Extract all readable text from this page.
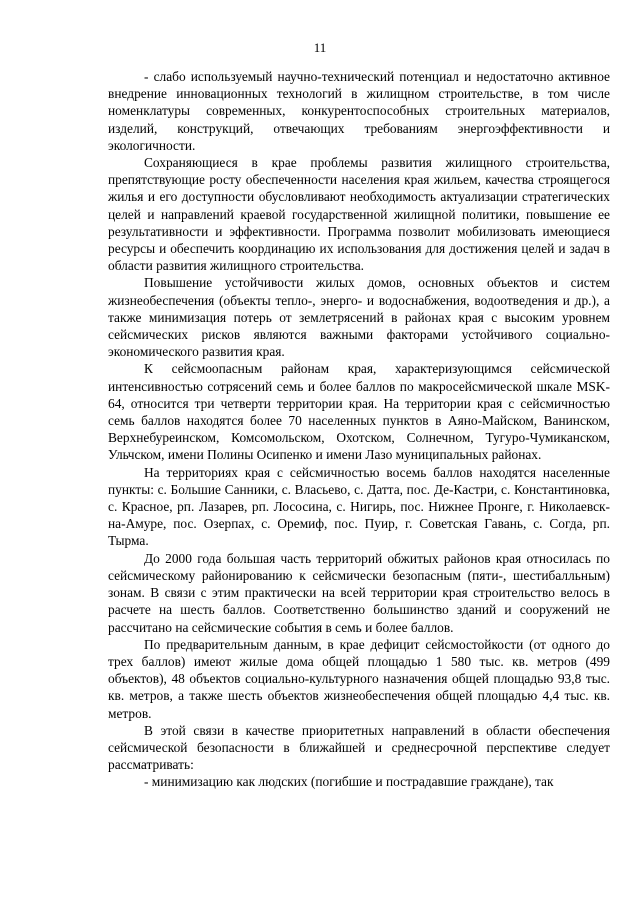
11

- слабо используемый научно-технический потенциал и недостаточно активное внедрение инновационных технологий в жилищном строительстве, в том числе номенклатуры современных, конкурентоспособных строительных материалов, изделий, конструкций, отвечающих требованиям энергоэффективности и экологичности.

Сохраняющиеся в крае проблемы развития жилищного строительства, препятствующие росту обеспеченности населения края жильем, качества строящегося жилья и его доступности обусловливают необходимость актуализации стратегических целей и направлений краевой государственной жилищной политики, повышение ее результативности и эффективности. Программа позволит мобилизовать имеющиеся ресурсы и обеспечить координацию их использования для достижения целей и задач в области развития жилищного строительства.

Повышение устойчивости жилых домов, основных объектов и систем жизнеобеспечения (объекты тепло-, энерго- и водоснабжения, водоотведения и др.), а также минимизация потерь от землетрясений в районах края с высоким уровнем сейсмических рисков являются важными факторами устойчивого социально-экономического развития края.

К сейсмоопасным районам края, характеризующимся сейсмической интенсивностью сотрясений семь и более баллов по макросейсмической шкале MSK-64, относится три четверти территории края. На территории края с сейсмичностью семь баллов находятся более 70 населенных пунктов в Аяно-Майском, Ванинском, Верхнебуреинском, Комсомольском, Охотском, Солнечном, Тугуро-Чумиканском, Ульчском, имени Полины Осипенко и имени Лазо муниципальных районах.

На территориях края с сейсмичностью восемь баллов находятся населенные пункты: с. Большие Санники, с. Власьево, с. Датта, пос. Де-Кастри, с. Константиновка, с. Красное, рп. Лазарев, рп. Лососина, с. Нигирь, пос. Нижнее Пронге, г. Николаевск-на-Амуре, пос. Озерпах, с. Оремиф, пос. Пуир, г. Советская Гавань, с. Согда, рп. Тырма.

До 2000 года большая часть территорий обжитых районов края относилась по сейсмическому районированию к сейсмически безопасным (пяти-, шестибалльным) зонам. В связи с этим практически на всей территории края строительство велось в расчете на шесть баллов. Соответственно большинство зданий и сооружений не рассчитано на сейсмические события в семь и более баллов.

По предварительным данным, в крае дефицит сейсмостойкости (от одного до трех баллов) имеют жилые дома общей площадью 1 580 тыс. кв. метров (499 объектов), 48 объектов социально-культурного назначения общей площадью 93,8 тыс. кв. метров, а также шесть объектов жизнеобеспечения общей площадью 4,4 тыс. кв. метров.

В этой связи в качестве приоритетных направлений в области обеспечения сейсмической безопасности в ближайшей и среднесрочной перспективе следует рассматривать:

- минимизацию как людских (погибшие и пострадавшие граждане), так
